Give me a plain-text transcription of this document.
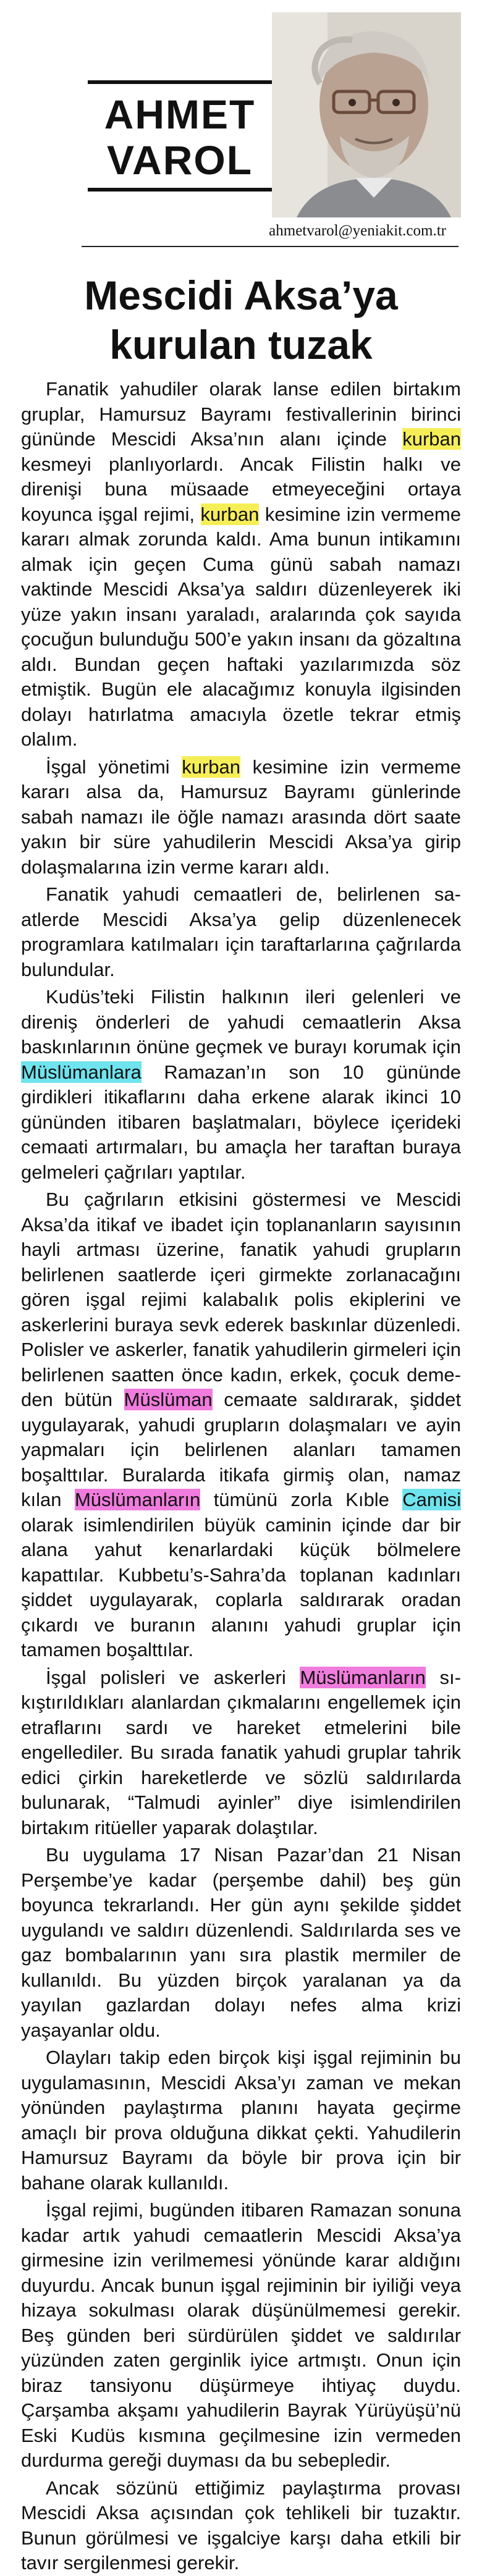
AHMET
VAROL
ahmetvarol@yeniakit.com.tr
Mescidi Aksa’ya
kurulan tuzak

Fanatik yahudiler olarak lanse edilen birtakım gruplar, Hamursuz Bayramı festivallerinin birinci gününde Mescidi Aksa’nın alanı içinde kurban kesmeyi planlıyorlardı. Ancak Filistin halkı ve direnişi buna müsaade etmeyeceğini ortaya koyunca işgal rejimi, kurban kesimine izin vermeme kararı almak zorunda kaldı. Ama bunun intikamını almak için geçen Cuma günü sabah namazı vaktinde Mescidi Aksa’ya saldırı düzenleyerek iki yüze yakın insanı yaraladı, aralarında çok sayıda çocuğun bulunduğu 500’e yakın insanı da gözaltına aldı. Bundan geçen haftaki yazılarımızda söz etmiştik. Bugün ele alacağımız konuyla ilgisinden dolayı hatırlatma amacıyla özetle tekrar etmiş olalım.

İşgal yönetimi kurban kesimine izin vermeme kararı alsa da, Hamursuz Bayramı günlerinde sabah namazı ile öğle namazı arasında dört saate yakın bir süre yahudilerin Mescidi Aksa’ya girip dolaşmalarına izin verme kararı aldı.

Fanatik yahudi cemaatleri de, belirlenen saatlerde Mescidi Aksa’ya gelip düzenlenecek programlara katılmaları için taraftarlarına çağrılarda bulundular.

Kudüs’teki Filistin halkının ileri gelenleri ve direniş önderleri de yahudi cemaatlerin Aksa baskınlarının önüne geçmek ve burayı korumak için Müslümanlara Ramazan’ın son 10 gününde girdikleri itikaflarını daha erkene alarak ikinci 10 gününden itibaren başlatmaları, böylece içerideki cemaati artırmaları, bu amaçla her taraftan buraya gelmeleri çağrıları yaptılar.

Bu çağrıların etkisini göstermesi ve Mescidi Aksa’da itikaf ve ibadet için toplananların sayısının hayli artması üzerine, fanatik yahudi grupların belirlenen saatlerde içeri girmekte zorlanacağını gören işgal rejimi kalabalık polis ekiplerini ve askerlerini buraya sevk ederek baskınlar düzenledi. Polisler ve askerler, fanatik yahudilerin girmeleri için belirlenen saatten önce kadın, erkek, çocuk demeden bütün Müslüman cemaate saldırarak, şiddet uygulayarak, yahudi grupların dolaşmaları ve ayin yapmaları için belirlenen alanları tamamen boşalttılar. Buralarda itikafa girmiş olan, namaz kılan Müslümanların tümünü zorla Kıble Camisi olarak isimlendirilen büyük caminin içinde dar bir alana yahut kenarlardaki küçük bölmelere kapattılar. Kubbetu’s-Sahra’da toplanan kadınları şiddet uygulayarak, coplarla saldırarak oradan çıkardı ve buranın alanını yahudi gruplar için tamamen boşalttılar.

İşgal polisleri ve askerleri Müslümanların sıkıştırıldıkları alanlardan çıkmalarını engellemek için etraflarını sardı ve hareket etmelerini bile engellediler. Bu sırada fanatik yahudi gruplar tahrik edici çirkin hareketlerde ve sözlü saldırılarda bulunarak, “Talmudi ayinler” diye isimlendirilen birtakım ritüeller yaparak dolaştılar.

Bu uygulama 17 Nisan Pazar’dan 21 Nisan Perşembe’ye kadar (perşembe dahil) beş gün boyunca tekrarlandı. Her gün aynı şekilde şiddet uygulandı ve saldırı düzenlendi. Saldırılarda ses ve gaz bombalarının yanı sıra plastik mermiler de kullanıldı. Bu yüzden birçok yaralanan ya da yayılan gazlardan dolayı nefes alma krizi yaşayanlar oldu.

Olayları takip eden birçok kişi işgal rejiminin bu uygulamasının, Mescidi Aksa’yı zaman ve mekan yönünden paylaştırma planını hayata geçirme amaçlı bir prova olduğuna dikkat çekti. Yahudilerin Hamursuz Bayramı da böyle bir prova için bir bahane olarak kullanıldı.

İşgal rejimi, bugünden itibaren Ramazan sonuna kadar artık yahudi cemaatlerin Mescidi Aksa’ya girmesine izin verilmemesi yönünde karar aldığını duyurdu. Ancak bunun işgal rejiminin bir iyiliği veya hizaya sokulması olarak düşünülmemesi gerekir. Beş günden beri sürdürülen şiddet ve saldırılar yüzünden zaten gerginlik iyice artmıştı. Onun için biraz tansiyonu düşürmeye ihtiyaç duydu. Çarşamba akşamı yahudilerin Bayrak Yürüyüşü’nü Eski Kudüs kısmına geçilmesine izin vermeden durdurma gereği duyması da bu sebepledir.

Ancak sözünü ettiğimiz paylaştırma provası Mescidi Aksa açısından çok tehlikeli bir tuzaktır. Bunun görülmesi ve işgalciye karşı daha etkili bir tavır sergilenmesi gerekir.
